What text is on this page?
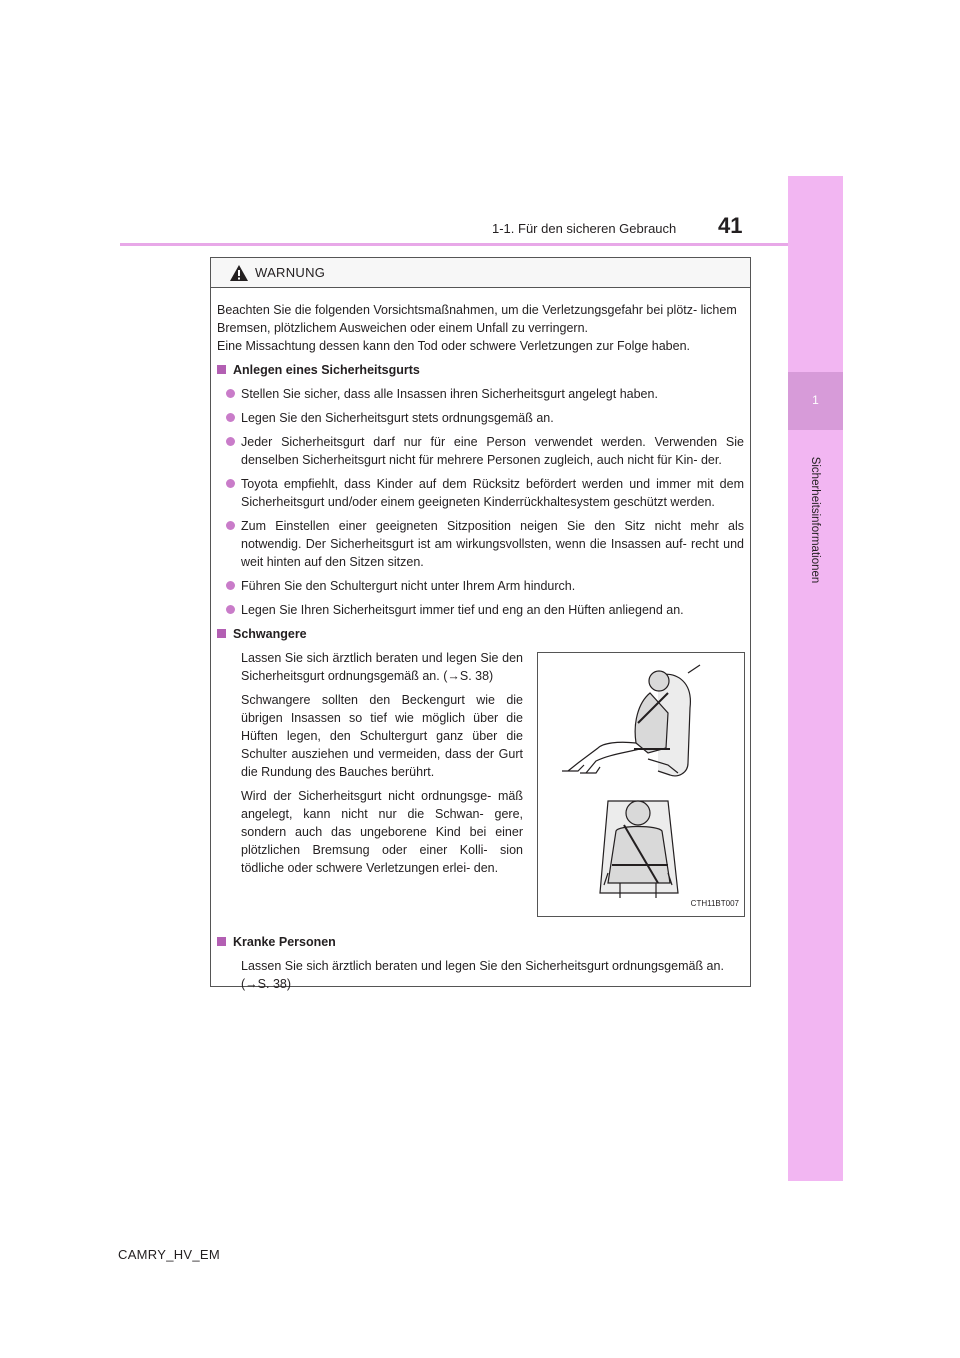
1-1. Für den sicheren Gebrauch 41
1
Sicherheitsinformationen
WARNUNG

Beachten Sie die folgenden Vorsichtsmaßnahmen, um die Verletzungsgefahr bei plötz- lichem Bremsen, plötzlichem Ausweichen oder einem Unfall zu verringern.
Eine Missachtung dessen kann den Tod oder schwere Verletzungen zur Folge haben.

Anlegen eines Sicherheitsgurts
Stellen Sie sicher, dass alle Insassen ihren Sicherheitsgurt angelegt haben.
Legen Sie den Sicherheitsgurt stets ordnungsgemäß an.
Jeder Sicherheitsgurt darf nur für eine Person verwendet werden. Verwenden Sie denselben Sicherheitsgurt nicht für mehrere Personen zugleich, auch nicht für Kin- der.
Toyota empfiehlt, dass Kinder auf dem Rücksitz befördert werden und immer mit dem Sicherheitsgurt und/oder einem geeigneten Kinderrückhaltesystem geschützt werden.
Zum Einstellen einer geeigneten Sitzposition neigen Sie den Sitz nicht mehr als notwendig. Der Sicherheitsgurt ist am wirkungsvollsten, wenn die Insassen auf- recht und weit hinten auf den Sitzen sitzen.
Führen Sie den Schultergurt nicht unter Ihrem Arm hindurch.
Legen Sie Ihren Sicherheitsgurt immer tief und eng an den Hüften anliegend an.
Schwangere

Lassen Sie sich ärztlich beraten und legen Sie den Sicherheitsgurt ordnungsgemäß an. (→S. 38)

Schwangere sollten den Beckengurt wie die übrigen Insassen so tief wie möglich über die Hüften legen, den Schultergurt ganz über die Schulter ausziehen und vermeiden, dass der Gurt die Rundung des Bauches berührt.

Wird der Sicherheitsgurt nicht ordnungsge- mäß angelegt, kann nicht nur die Schwan- gere, sondern auch das ungeborene Kind bei einer plötzlichen Bremsung oder einer Kolli- sion tödliche oder schwere Verletzungen erlei- den.

CTH11BT007
Kranke Personen

Lassen Sie sich ärztlich beraten und legen Sie den Sicherheitsgurt ordnungsgemäß an. (→S. 38)

CAMRY_HV_EM
